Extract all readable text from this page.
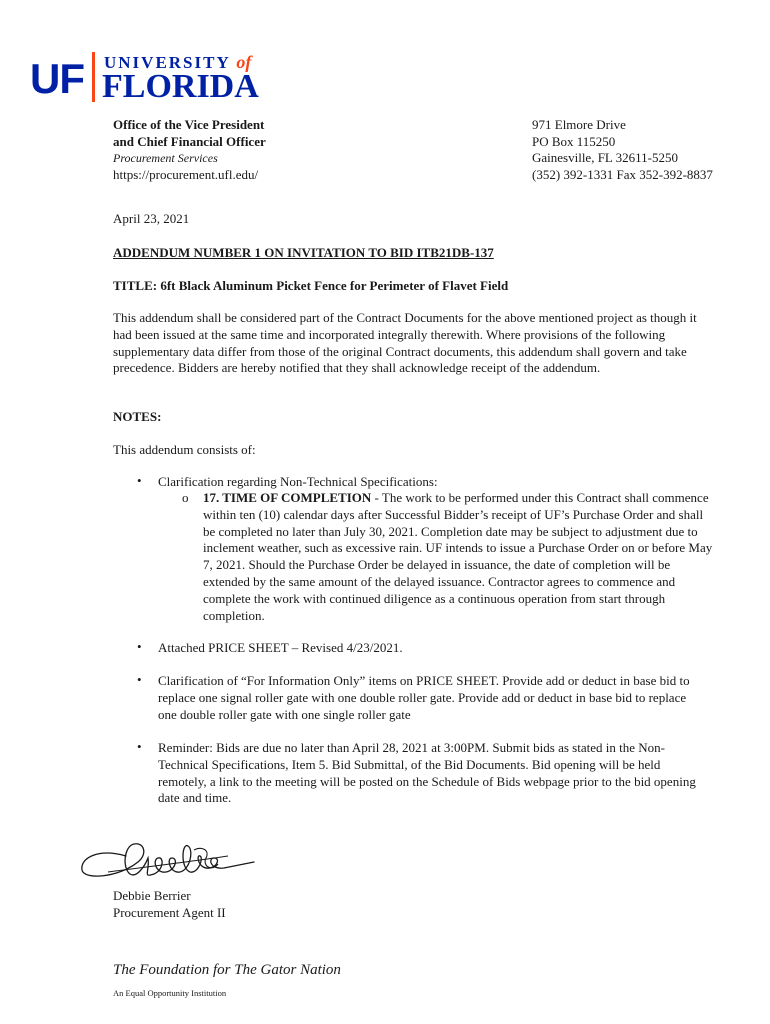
UF UNIVERSITY of
FLORIDA
Office of the Vice President
and Chief Financial Officer
Procurement Services
https://procurement.ufl.edu/
971 Elmore Drive
PO Box 115250
Gainesville, FL 32611-5250
(352) 392-1331 Fax 352-392-8837
April 23, 2021
ADDENDUM NUMBER 1 ON INVITATION TO BID ITB21DB-137
TITLE: 6ft Black Aluminum Picket Fence for Perimeter of Flavet Field
This addendum shall be considered part of the Contract Documents for the above mentioned project as though it had been issued at the same time and incorporated integrally therewith. Where provisions of the following supplementary data differ from those of the original Contract documents, this addendum shall govern and take precedence. Bidders are hereby notified that they shall acknowledge receipt of the addendum.
NOTES:
This addendum consists of:
• Clarification regarding Non-Technical Specifications:
o 17. TIME OF COMPLETION - The work to be performed under this Contract shall commence within ten (10) calendar days after Successful Bidder’s receipt of UF’s Purchase Order and shall be completed no later than July 30, 2021. Completion date may be subject to adjustment due to inclement weather, such as excessive rain. UF intends to issue a Purchase Order on or before May 7, 2021. Should the Purchase Order be delayed in issuance, the date of completion will be extended by the same amount of the delayed issuance. Contractor agrees to commence and complete the work with continued diligence as a continuous operation from start through completion.
• Attached PRICE SHEET – Revised 4/23/2021.
• Clarification of “For Information Only” items on PRICE SHEET. Provide add or deduct in base bid to replace one signal roller gate with one double roller gate. Provide add or deduct in base bid to replace one double roller gate with one single roller gate
• Reminder: Bids are due no later than April 28, 2021 at 3:00PM. Submit bids as stated in the Non-Technical Specifications, Item 5. Bid Submittal, of the Bid Documents. Bid opening will be held remotely, a link to the meeting will be posted on the Schedule of Bids webpage prior to the bid opening date and time.
Debbie Berrier
Procurement Agent II
The Foundation for The Gator Nation
An Equal Opportunity Institution
